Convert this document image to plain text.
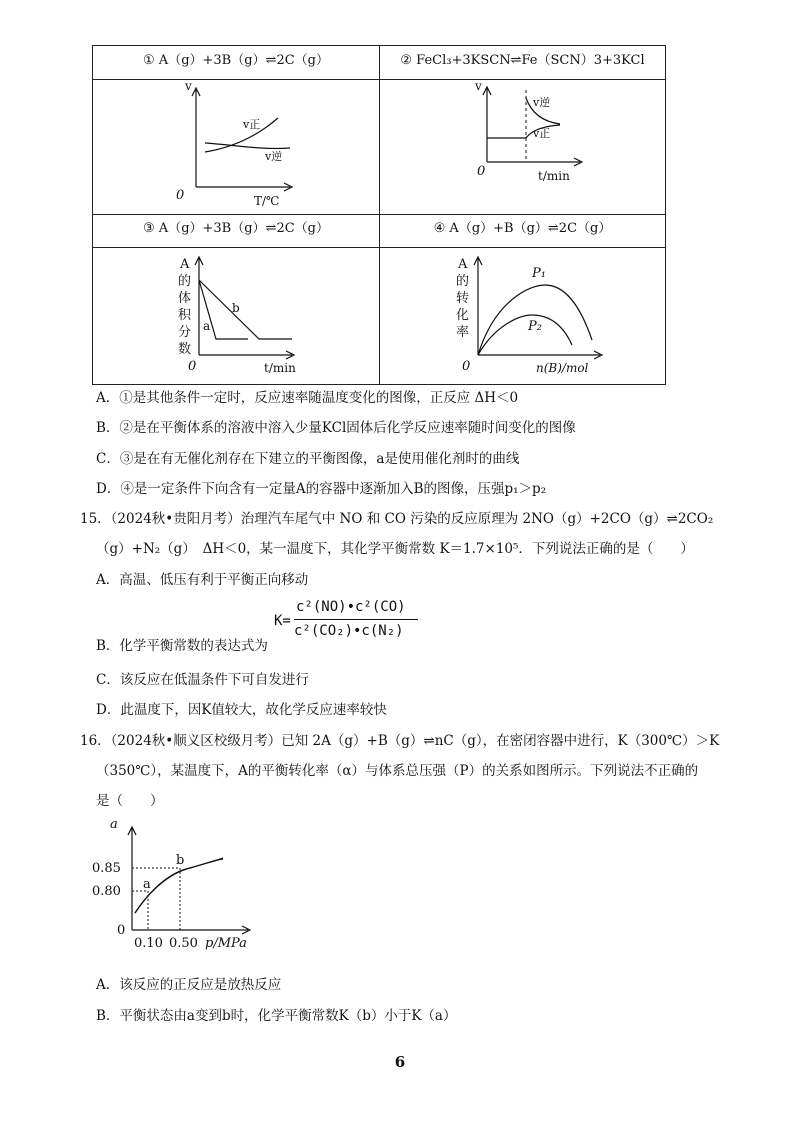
v
0	T/℃
v正
v逆
v
0	t/min
v逆
v正
A
的
体
积
分
数
0	t/min
a
b
A
的
转
化
率
0	n(B)/mol
P₁
P₂
① A（g）+3B（g）⇌2C（g）	② FeCl₃+3KSCN⇌Fe（SCN）3+3KCl
③ A（g）+3B（g）⇌2C（g）	④ A（g）+B（g）⇌2C（g）
A．①是其他条件一定时，反应速率随温度变化的图像，正反应 ΔH＜0
B．②是在平衡体系的溶液中溶入少量KCl固体后化学反应速率随时间变化的图像
C．③是在有无催化剂存在下建立的平衡图像，a是使用催化剂时的曲线
D．④是一定条件下向含有一定量A的容器中逐渐加入B的图像，压强p₁＞p₂
15．（2024秋•贵阳月考）治理汽车尾气中 NO 和 CO 污染的反应原理为 2NO（g）+2CO（g）⇌2CO₂
（g）+N₂（g）　ΔH＜0，某一温度下，其化学平衡常数 K＝1.7×10⁵．下列说法正确的是（　　）
A．高温、低压有利于平衡正向移动
K=
c²(NO)•c²(CO)
c²(CO₂)•c(N₂)
B．化学平衡常数的表达式为
C．该反应在低温条件下可自发进行
D．此温度下，因K值较大，故化学反应速率较快
16．（2024秋•顺义区校级月考）已知 2A（g）+B（g）⇌nC（g），在密闭容器中进行，K（300℃）＞K
（350℃），某温度下，A的平衡转化率（α）与体系总压强（P）的关系如图所示。下列说法不正确的
是（　　）
a
0.85
0.80
0
0.10 0.50 p/MPa
a
b
A．该反应的正反应是放热反应
B．平衡状态由a变到b时，化学平衡常数K（b）小于K（a）
6
